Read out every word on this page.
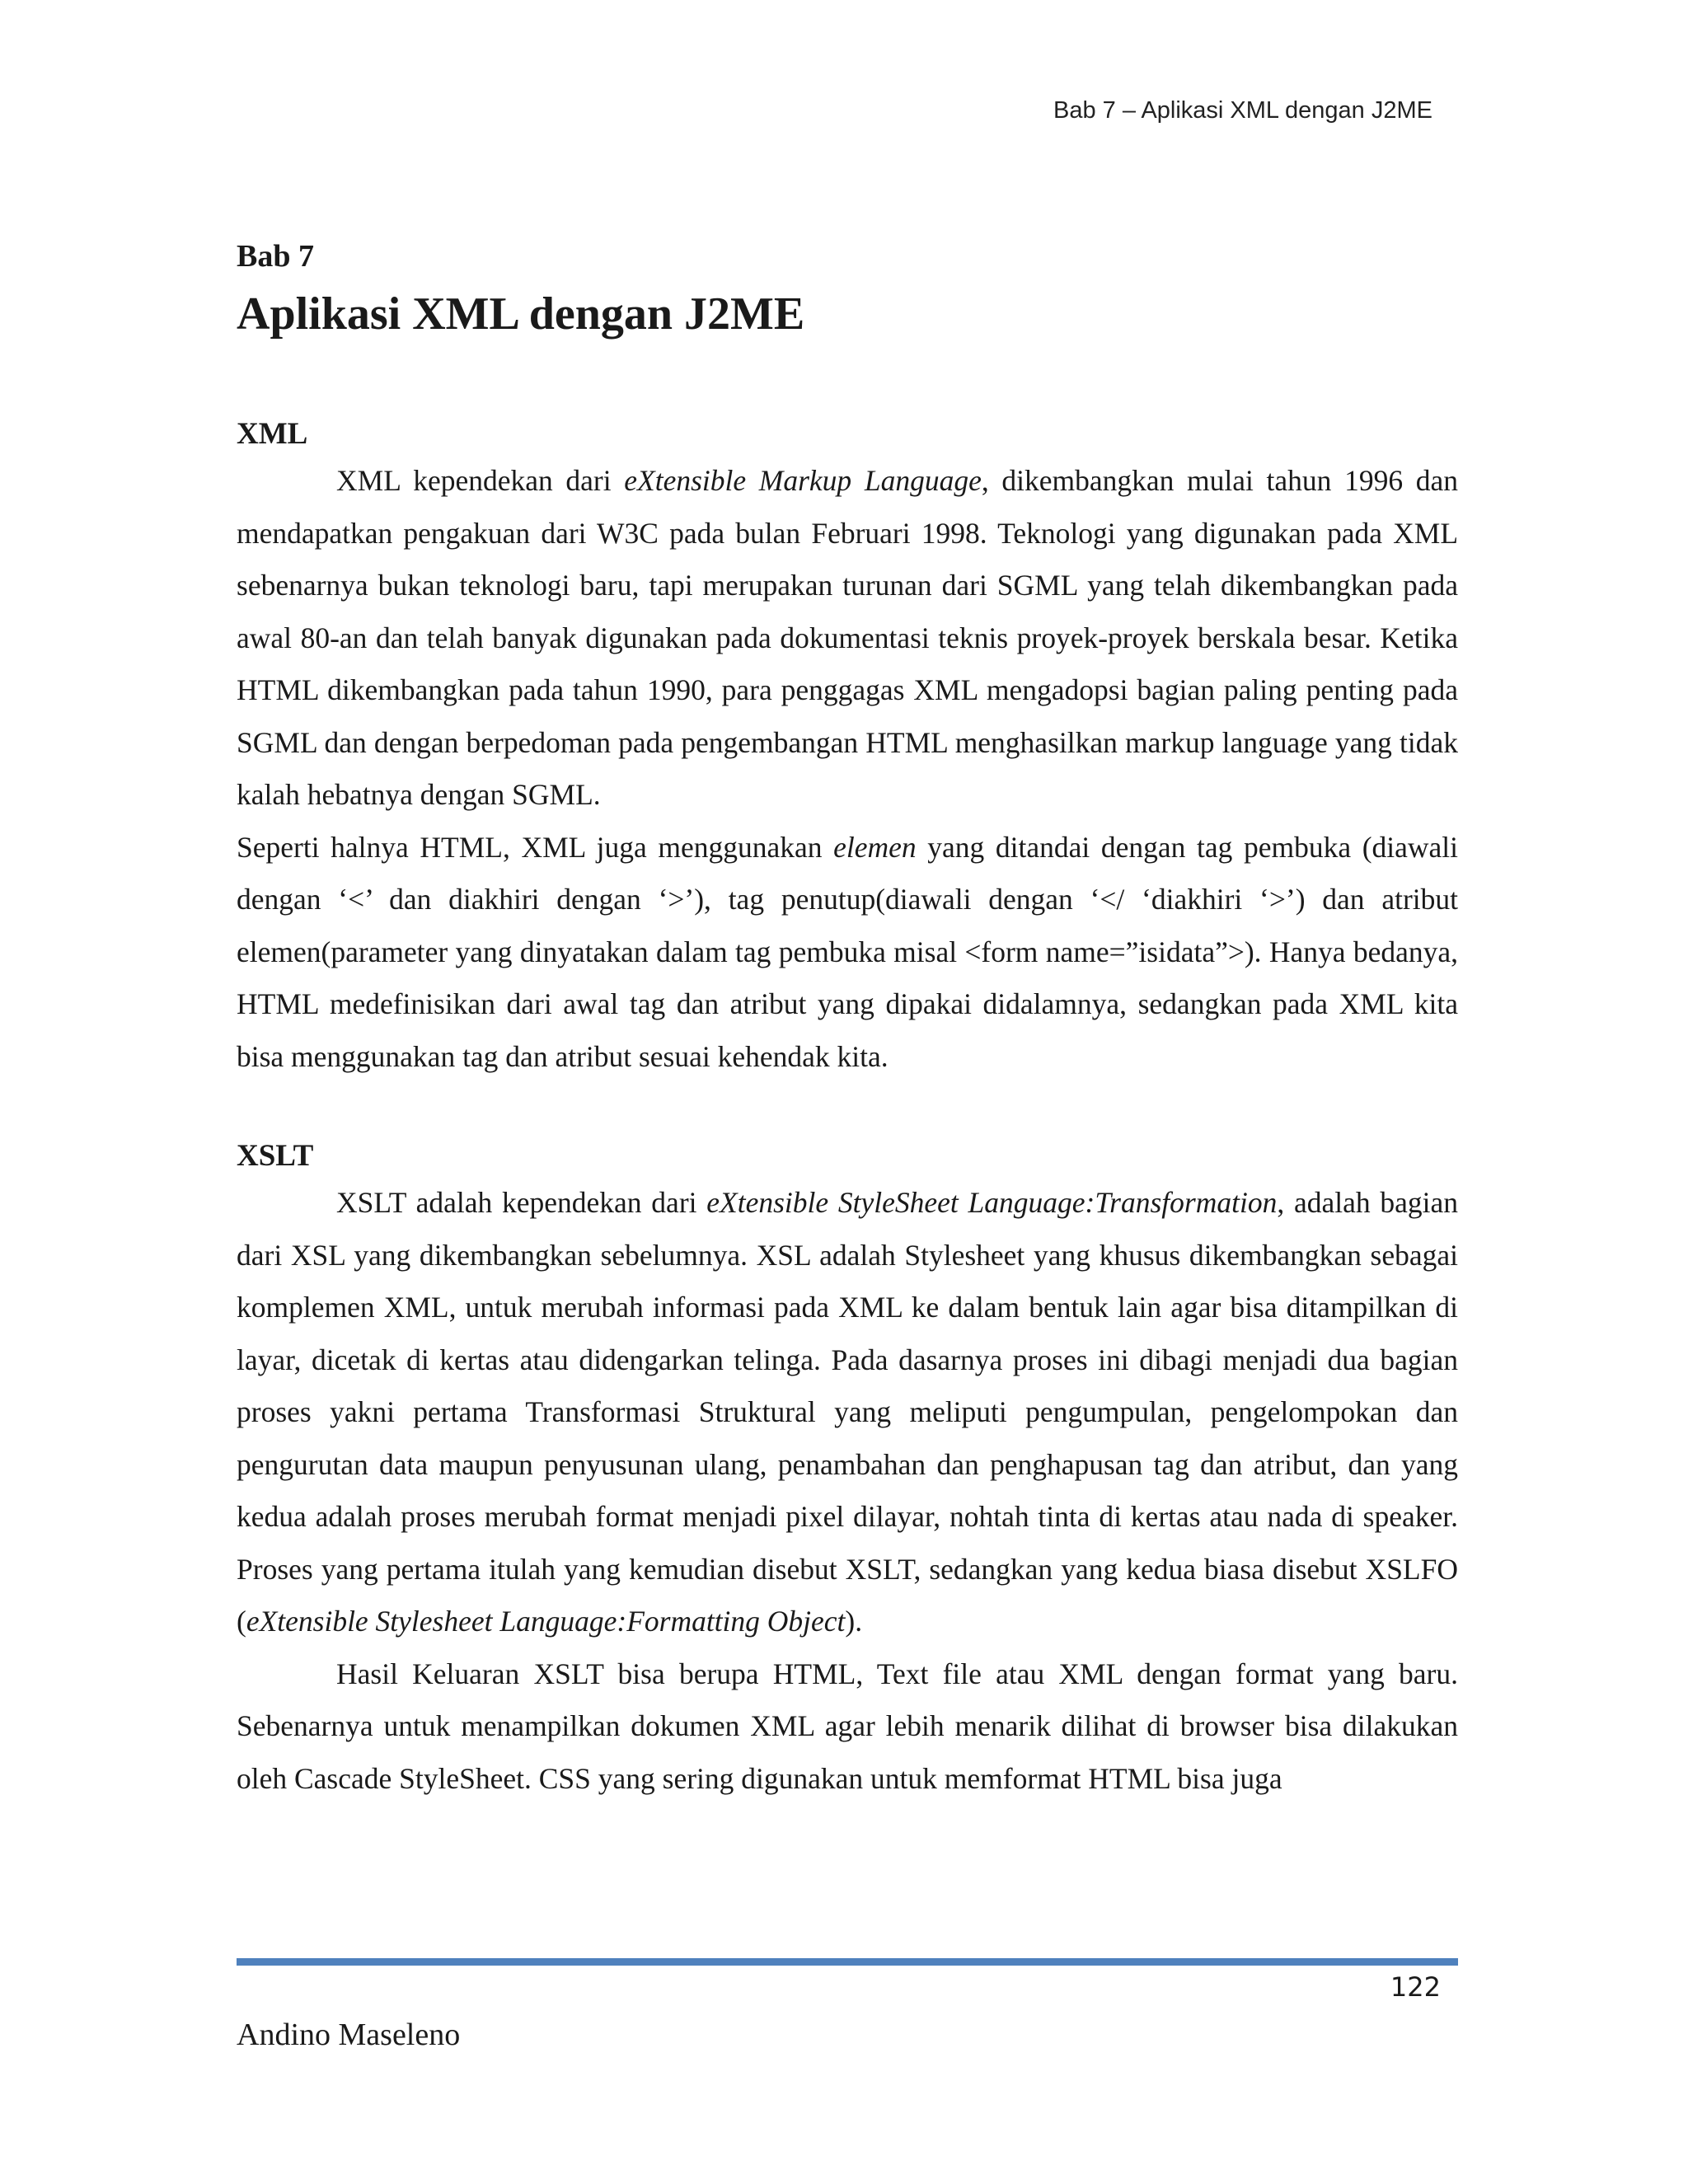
Bab 7 – Aplikasi XML dengan J2ME
Bab 7
Aplikasi XML dengan J2ME
XML

XML kependekan dari eXtensible Markup Language, dikembangkan mulai tahun 1996 dan mendapatkan pengakuan dari W3C pada bulan Februari 1998. Teknologi yang digunakan pada XML sebenarnya bukan teknologi baru, tapi merupakan turunan dari SGML yang telah dikembangkan pada awal 80-an dan telah banyak digunakan pada dokumentasi teknis proyek-proyek berskala besar. Ketika HTML dikembangkan pada tahun 1990, para penggagas XML mengadopsi bagian paling penting pada SGML dan dengan berpedoman pada pengembangan HTML menghasilkan markup language yang tidak kalah hebatnya dengan SGML.

Seperti halnya HTML, XML juga menggunakan elemen yang ditandai dengan tag pembuka (diawali dengan ‘<’ dan diakhiri dengan ‘>’), tag penutup(diawali dengan ‘</ ‘diakhiri ‘>’) dan atribut elemen(parameter yang dinyatakan dalam tag pembuka misal <form name=”isidata”>). Hanya bedanya, HTML medefinisikan dari awal tag dan atribut yang dipakai didalamnya, sedangkan pada XML kita bisa menggunakan tag dan atribut sesuai kehendak kita.

XSLT

XSLT adalah kependekan dari eXtensible StyleSheet Language:Transformation, adalah bagian dari XSL yang dikembangkan sebelumnya. XSL adalah Stylesheet yang khusus dikembangkan sebagai komplemen XML, untuk merubah informasi pada XML ke dalam bentuk lain agar bisa ditampilkan di layar, dicetak di kertas atau didengarkan telinga. Pada dasarnya proses ini dibagi menjadi dua bagian proses yakni pertama Transformasi Struktural yang meliputi pengumpulan, pengelompokan dan pengurutan data maupun penyusunan ulang, penambahan dan penghapusan tag dan atribut, dan yang kedua adalah proses merubah format menjadi pixel dilayar, nohtah tinta di kertas atau nada di speaker. Proses yang pertama itulah yang kemudian disebut XSLT, sedangkan yang kedua biasa disebut XSLFO (eXtensible Stylesheet Language:Formatting Object).

Hasil Keluaran XSLT bisa berupa HTML, Text file atau XML dengan format yang baru. Sebenarnya untuk menampilkan dokumen XML agar lebih menarik dilihat di browser bisa dilakukan oleh Cascade StyleSheet. CSS yang sering digunakan untuk memformat HTML bisa juga

122
Andino Maseleno
